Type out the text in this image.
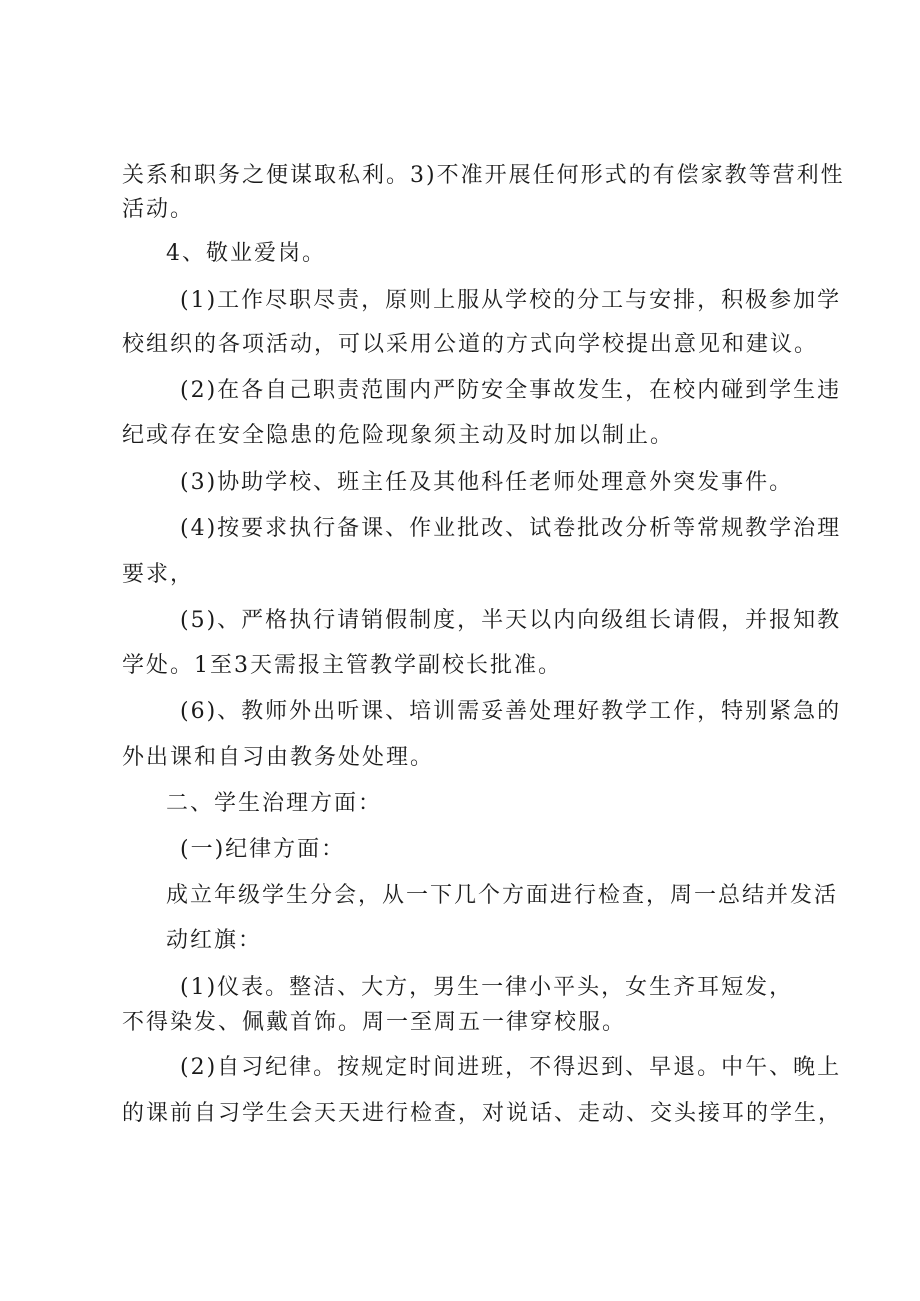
关系和职务之便谋取私利。3)不准开展任何形式的有偿家教等营利性
活动。
4、敬业爱岗。
(1)工作尽职尽责，原则上服从学校的分工与安排，积极参加学
校组织的各项活动，可以采用公道的方式向学校提出意见和建议。
(2)在各自己职责范围内严防安全事故发生，在校内碰到学生违
纪或存在安全隐患的危险现象须主动及时加以制止。
(3)协助学校、班主任及其他科任老师处理意外突发事件。
(4)按要求执行备课、作业批改、试卷批改分析等常规教学治理
要求，
(5)、严格执行请销假制度，半天以内向级组长请假，并报知教
学处。1至3天需报主管教学副校长批准。
(6)、教师外出听课、培训需妥善处理好教学工作，特别紧急的
外出课和自习由教务处处理。
二、学生治理方面：
(一)纪律方面：
成立年级学生分会，从一下几个方面进行检查，周一总结并发活
动红旗：
(1)仪表。整洁、大方，男生一律小平头，女生齐耳短发，
不得染发、佩戴首饰。周一至周五一律穿校服。
(2)自习纪律。按规定时间进班，不得迟到、早退。中午、晚上
的课前自习学生会天天进行检查，对说话、走动、交头接耳的学生，
